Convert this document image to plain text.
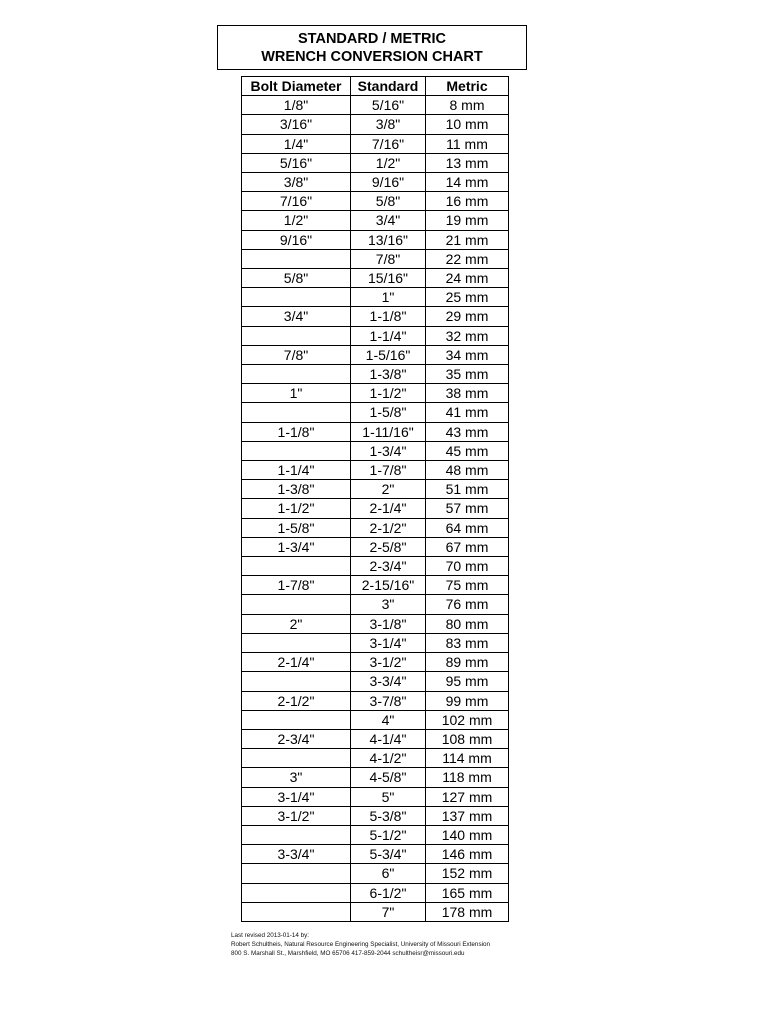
STANDARD / METRIC
WRENCH CONVERSION CHART
Bolt Diameter	Standard	Metric
1/8"	5/16"	8 mm
3/16"	3/8"	10 mm
1/4"	7/16"	11 mm
5/16"	1/2"	13 mm
3/8"	9/16"	14 mm
7/16"	5/8"	16 mm
1/2"	3/4"	19 mm
9/16"	13/16"	21 mm
	7/8"	22 mm
5/8"	15/16"	24 mm
	1"	25 mm
3/4"	1-1/8"	29 mm
	1-1/4"	32 mm
7/8"	1-5/16"	34 mm
	1-3/8"	35 mm
1"	1-1/2"	38 mm
	1-5/8"	41 mm
1-1/8"	1-11/16"	43 mm
	1-3/4"	45 mm
1-1/4"	1-7/8"	48 mm
1-3/8"	2"	51 mm
1-1/2"	2-1/4"	57 mm
1-5/8"	2-1/2"	64 mm
1-3/4"	2-5/8"	67 mm
	2-3/4"	70 mm
1-7/8"	2-15/16"	75 mm
	3"	76 mm
2"	3-1/8"	80 mm
	3-1/4"	83 mm
2-1/4"	3-1/2"	89 mm
	3-3/4"	95 mm
2-1/2"	3-7/8"	99 mm
	4"	102 mm
2-3/4"	4-1/4"	108 mm
	4-1/2"	114 mm
3"	4-5/8"	118 mm
3-1/4"	5"	127 mm
3-1/2"	5-3/8"	137 mm
	5-1/2"	140 mm
3-3/4"	5-3/4"	146 mm
	6"	152 mm
	6-1/2"	165 mm
	7"	178 mm
Last revised 2013-01-14 by:
Robert Schultheis, Natural Resource Engineering Specialist, University of Missouri Extension
800 S. Marshall St., Marshfield, MO 65706 417-859-2044 schultheisr@missouri.edu
